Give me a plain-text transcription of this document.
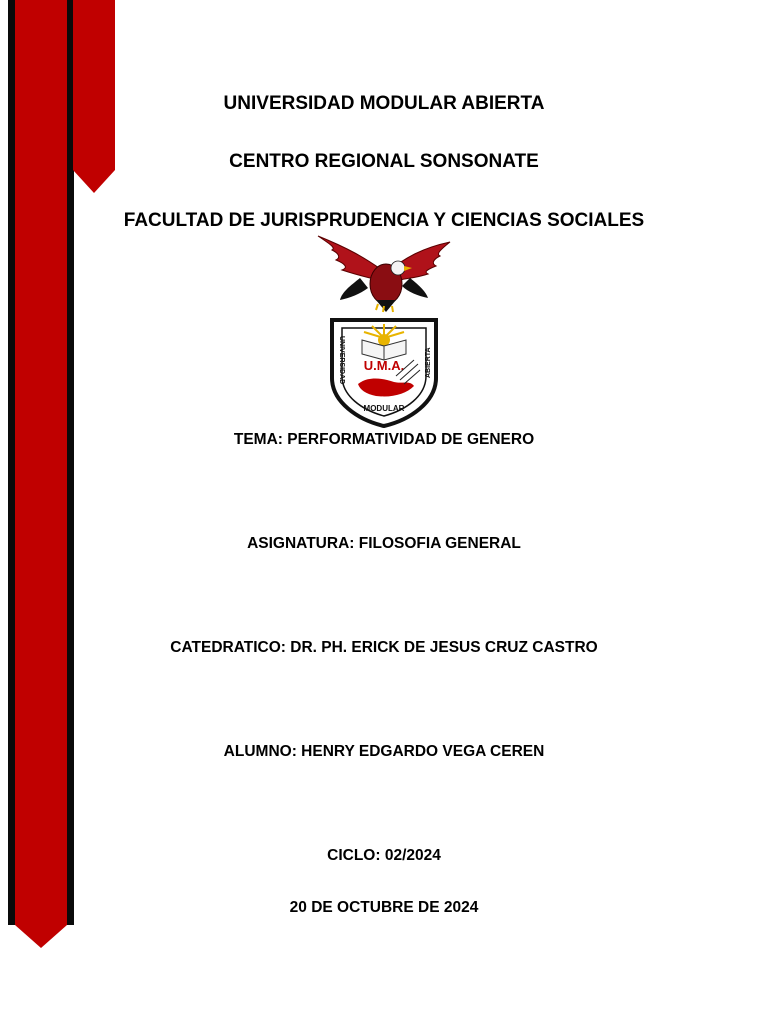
UNIVERSIDAD MODULAR ABIERTA
CENTRO REGIONAL SONSONATE
FACULTAD DE JURISPRUDENCIA Y CIENCIAS SOCIALES
U.M.A.
UNIVERSIDAD
MODULAR
ABIERTA
TEMA: PERFORMATIVIDAD DE GENERO
ASIGNATURA: FILOSOFIA GENERAL
CATEDRATICO: DR. PH. ERICK DE JESUS CRUZ CASTRO
ALUMNO: HENRY EDGARDO VEGA CEREN
CICLO: 02/2024
20 DE OCTUBRE DE 2024
